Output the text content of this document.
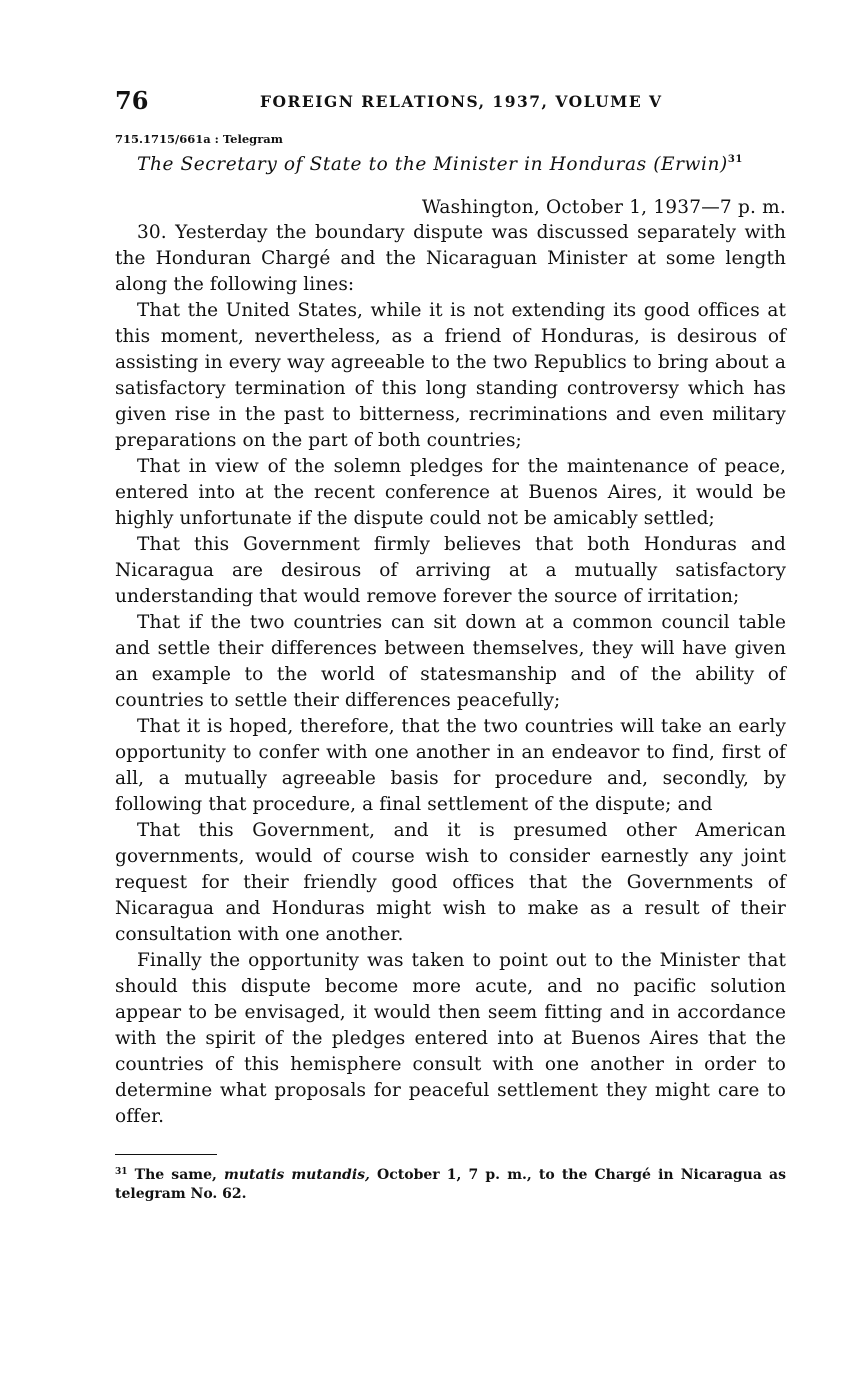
76	FOREIGN RELATIONS, 1937, VOLUME V
715.1715/661a : Telegram
The Secretary of State to the Minister in Honduras (Erwin)$^{31}$
Washington, October 1, 1937—7 p. m.

30. Yesterday the boundary dispute was discussed separately with the Honduran Chargé and the Nicaraguan Minister at some length along the following lines:

That the United States, while it is not extending its good offices at this moment, nevertheless, as a friend of Honduras, is desirous of assisting in every way agreeable to the two Republics to bring about a satisfactory termination of this long standing controversy which has given rise in the past to bitterness, recriminations and even military preparations on the part of both countries;

That in view of the solemn pledges for the maintenance of peace, entered into at the recent conference at Buenos Aires, it would be highly unfortunate if the dispute could not be amicably settled;

That this Government firmly believes that both Honduras and Nicaragua are desirous of arriving at a mutually satisfactory understanding that would remove forever the source of irritation;

That if the two countries can sit down at a common council table and settle their differences between themselves, they will have given an example to the world of statesmanship and of the ability of countries to settle their differences peacefully;

That it is hoped, therefore, that the two countries will take an early opportunity to confer with one another in an endeavor to find, first of all, a mutually agreeable basis for procedure and, secondly, by following that procedure, a final settlement of the dispute; and

That this Government, and it is presumed other American governments, would of course wish to consider earnestly any joint request for their friendly good offices that the Governments of Nicaragua and Honduras might wish to make as a result of their consultation with one another.

Finally the opportunity was taken to point out to the Minister that should this dispute become more acute, and no pacific solution appear to be envisaged, it would then seem fitting and in accordance with the spirit of the pledges entered into at Buenos Aires that the countries of this hemisphere consult with one another in order to determine what proposals for peaceful settlement they might care to offer.

$^{31}$ The same, mutatis mutandis, October 1, 7 p. m., to the Chargé in Nicaragua as telegram No. 62.
